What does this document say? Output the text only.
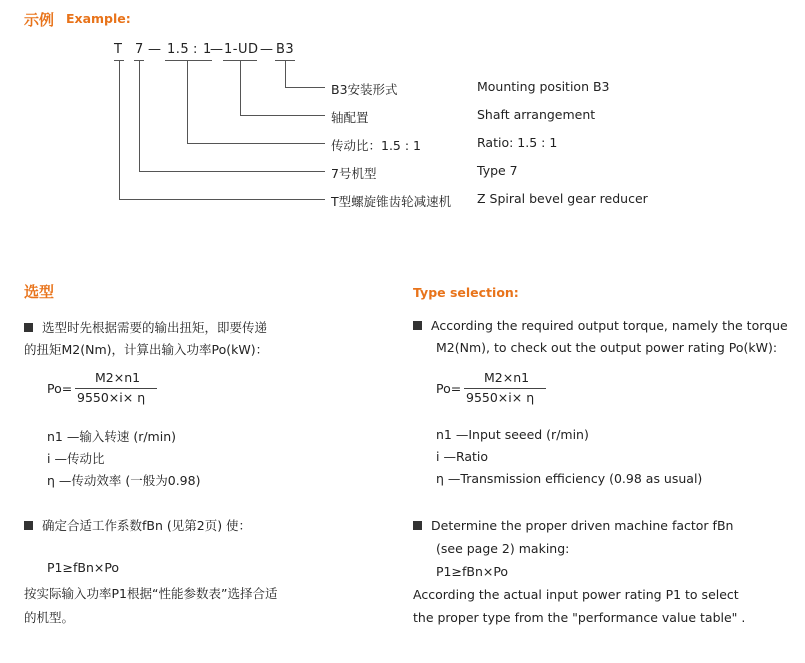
示例 Example:
T 7 — 1.5 : 1
— 1-UD — B3
B3安装形式	Mounting position B3
轴配置	Shaft arrangement
传动比：1.5 : 1	Ratio: 1.5 : 1
7号机型	Type 7
T型螺旋锥齿轮减速机 Z Spiral bevel gear reducer
选型
选型时先根据需要的输出扭矩，即要传递
的扭矩M2(Nm)，计算出输入功率Po(kW)：
Po=
M2×n1
9550×i× η
n1 —输入转速 (r/min)
i —传动比
η —传动效率 (一般为0.98)
确定合适工作系数fBn (见第2页) 使：
P1≥fBn×Po
按实际输入功率P1根据“性能参数表”选择合适
的机型。
Type selection:
According the required output torque, namely the torque
M2(Nm), to check out the output power rating Po(kW):
Po=
M2×n1
9550×i× η
n1 —Input seeed (r/min)
i —Ratio
η —Transmission efficiency (0.98 as usual)
Determine the proper driven machine factor fBn
(see page 2) making:
P1≥fBn×Po
According the actual input power rating P1 to select
the proper type from the "performance value table" .
